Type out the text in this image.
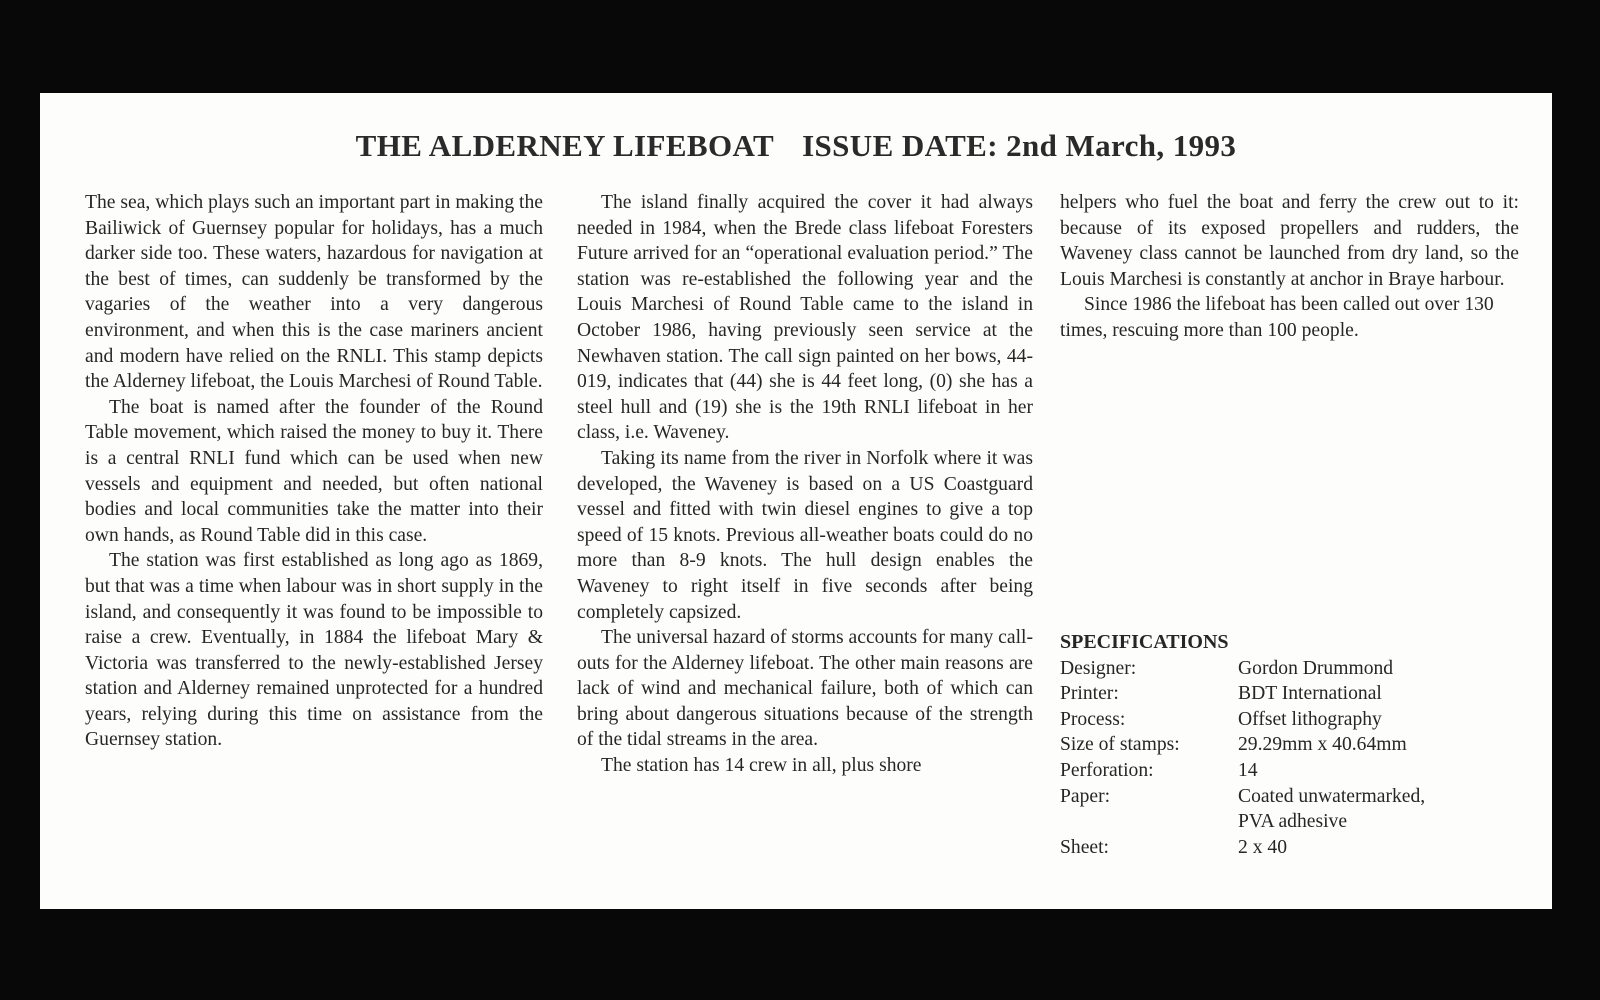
THE ALDERNEY LIFEBOAT ISSUE DATE: 2nd March, 1993

The sea, which plays such an important part in making the Bailiwick of Guernsey popular for holidays, has a much darker side too. These waters, hazardous for navigation at the best of times, can suddenly be transformed by the vagaries of the weather into a very dangerous environment, and when this is the case mariners ancient and modern have relied on the RNLI. This stamp depicts the Alderney lifeboat, the Louis Marchesi of Round Table.

The boat is named after the founder of the Round Table movement, which raised the money to buy it. There is a central RNLI fund which can be used when new vessels and equipment and needed, but often national bodies and local communities take the matter into their own hands, as Round Table did in this case.

The station was first established as long ago as 1869, but that was a time when labour was in short supply in the island, and consequently it was found to be impossible to raise a crew. Eventually, in 1884 the lifeboat Mary & Victoria was transferred to the newly-established Jersey station and Alderney remained unprotected for a hundred years, relying during this time on assistance from the Guernsey station.

The island finally acquired the cover it had always needed in 1984, when the Brede class lifeboat Foresters Future arrived for an “operational evaluation period.” The station was re-established the following year and the Louis Marchesi of Round Table came to the island in October 1986, having previously seen service at the Newhaven station. The call sign painted on her bows, 44-019, indicates that (44) she is 44 feet long, (0) she has a steel hull and (19) she is the 19th RNLI lifeboat in her class, i.e. Waveney.

Taking its name from the river in Norfolk where it was developed, the Waveney is based on a US Coastguard vessel and fitted with twin diesel engines to give a top speed of 15 knots. Previous all-weather boats could do no more than 8-9 knots. The hull design enables the Waveney to right itself in five seconds after being completely capsized.

The universal hazard of storms accounts for many call-outs for the Alderney lifeboat. The other main reasons are lack of wind and mechanical failure, both of which can bring about dangerous situations because of the strength of the tidal streams in the area.

The station has 14 crew in all, plus shore

helpers who fuel the boat and ferry the crew out to it: because of its exposed propellers and rudders, the Waveney class cannot be launched from dry land, so the Louis Marchesi is constantly at anchor in Braye harbour.

Since 1986 the lifeboat has been called out over 130 times, rescuing more than 100 people.

SPECIFICATIONS
Designer:	Gordon Drummond
Printer:	BDT International
Process:	Offset lithography
Size of stamps:	29.29mm x 40.64mm
Perforation:	14
Paper:	Coated unwatermarked,
PVA adhesive
Sheet:	2 x 40
